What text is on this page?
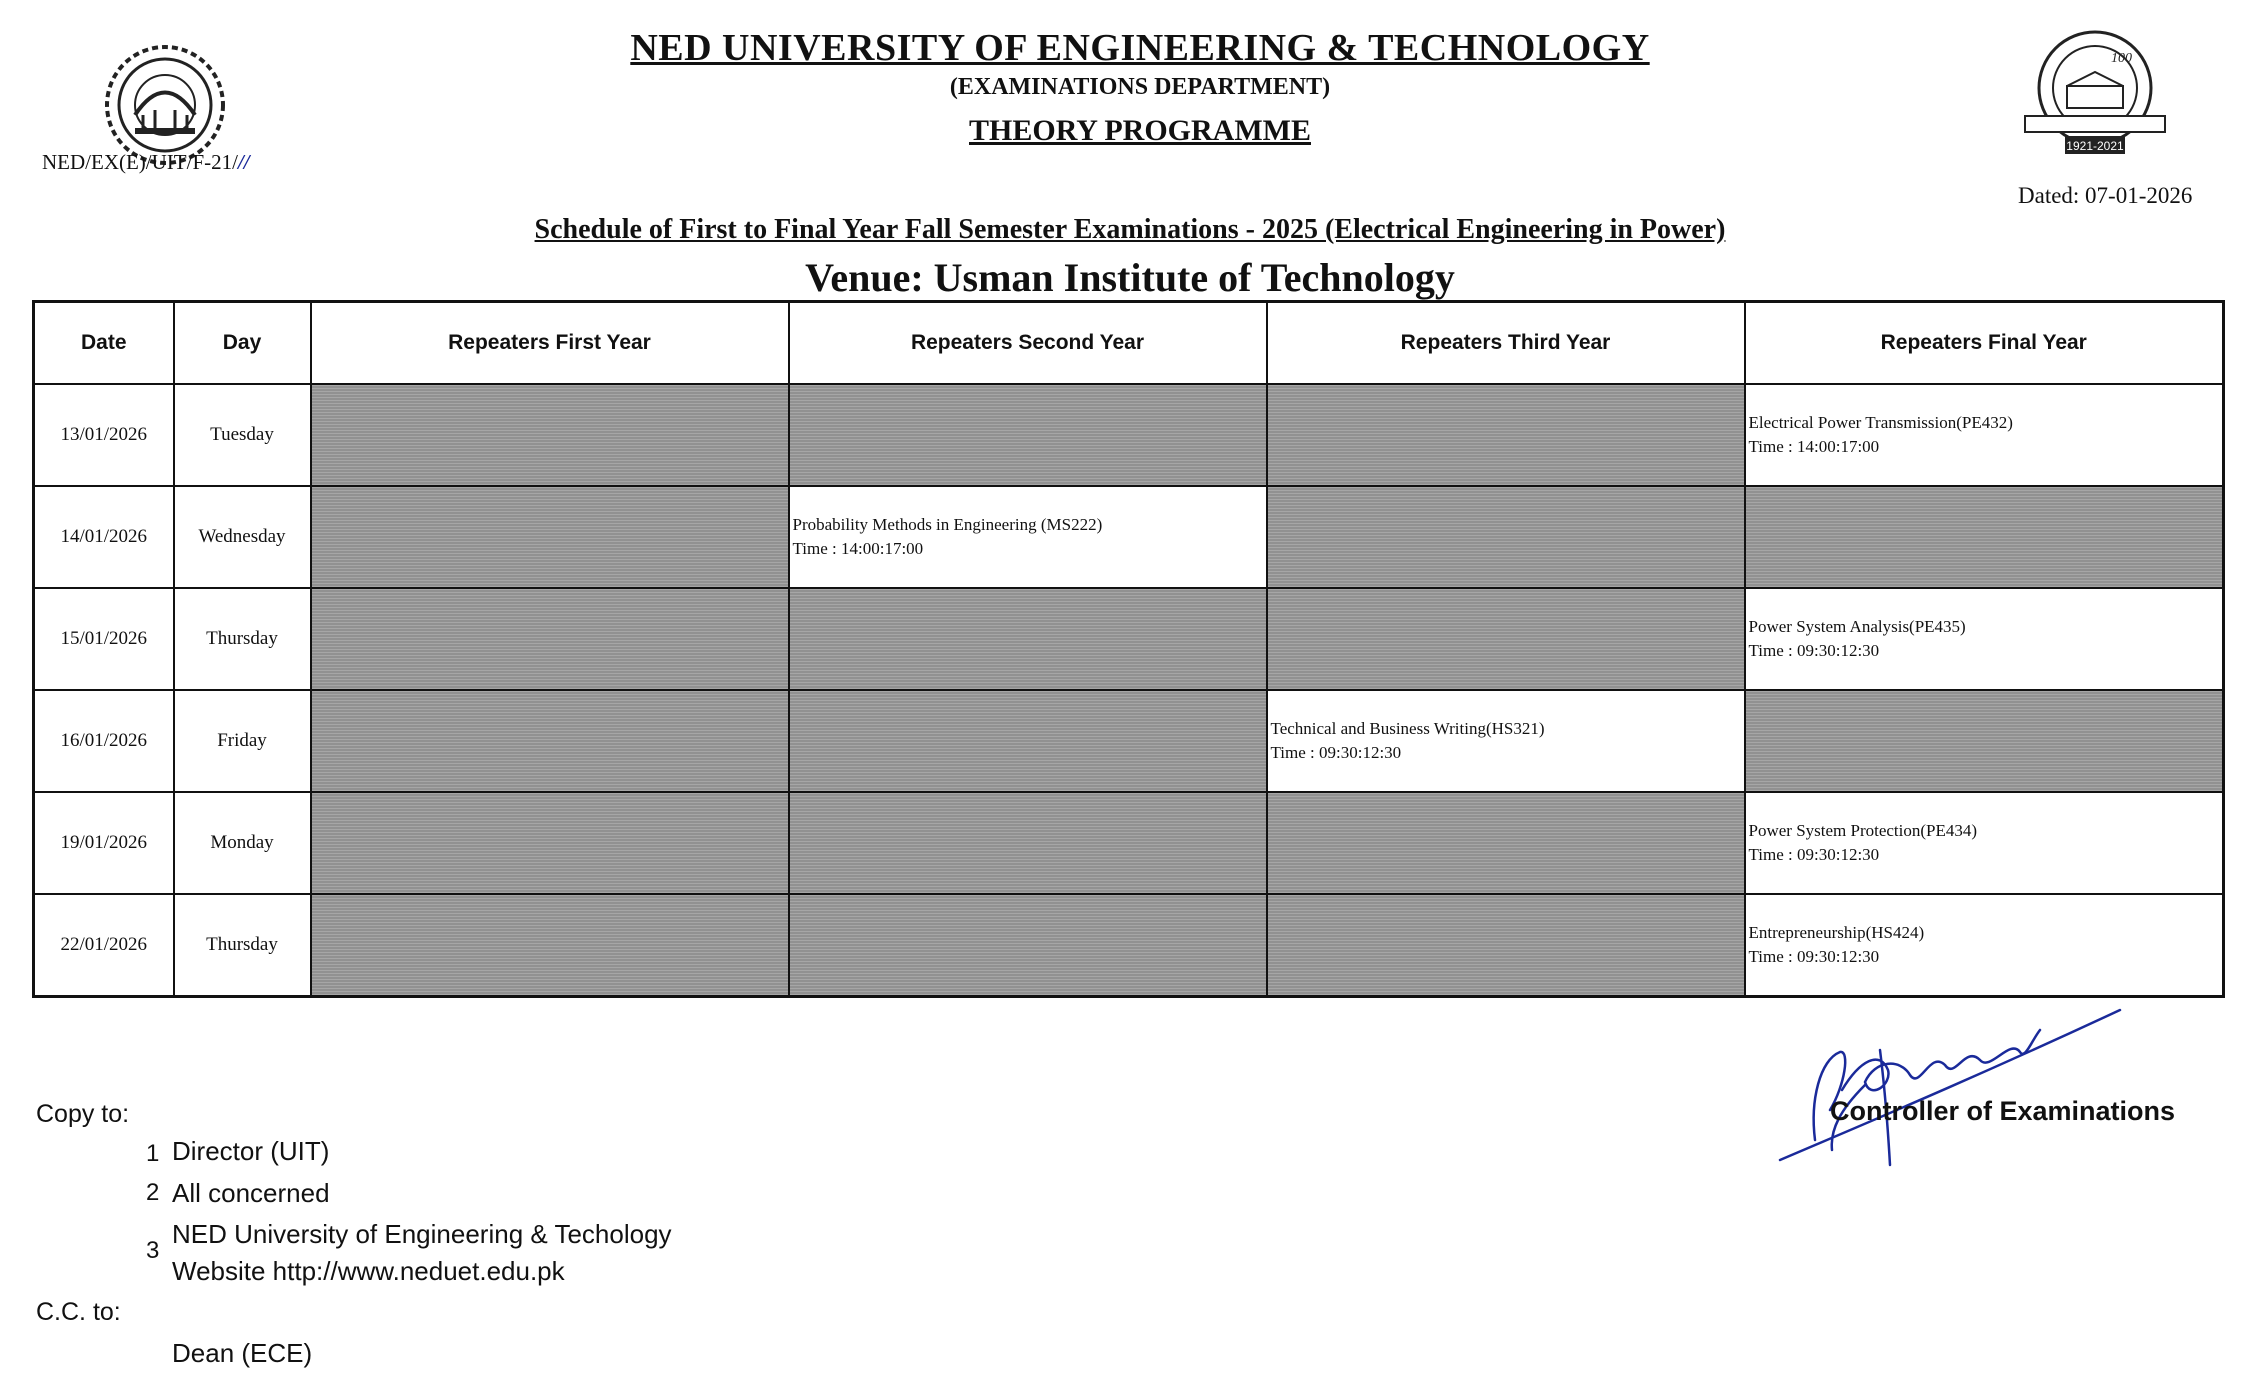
NED/EX(E)/UIT/F-21///
NED UNIVERSITY OF ENGINEERING & TECHNOLOGY
(EXAMINATIONS DEPARTMENT)
THEORY PROGRAMME
100
1921-2021
Dated: 07-01-2026
Schedule of First to Final Year Fall Semester Examinations - 2025 (Electrical Engineering in Power)
Venue: Usman Institute of Technology
Date	Day	Repeaters First Year	Repeaters Second Year	Repeaters Third Year	Repeaters Final Year
13/01/2026	Tuesday				Electrical Power Transmission(PE432)
Time : 14:00:17:00

14/01/2026	Wednesday		Probability Methods in Engineering (MS222)
Time : 14:00:17:00		

15/01/2026	Thursday				Power System Analysis(PE435)
Time : 09:30:12:30

16/01/2026	Friday			Technical and Business Writing(HS321)
Time : 09:30:12:30	

19/01/2026	Monday				Power System Protection(PE434)
Time : 09:30:12:30

22/01/2026	Thursday				Entrepreneurship(HS424)
Time : 09:30:12:30
Controller of Examinations
Copy to:
1 Director (UIT)
2 All concerned
3
NED University of Engineering & Techology
Website http://www.neduet.edu.pk
C.C. to:
Dean (ECE)
